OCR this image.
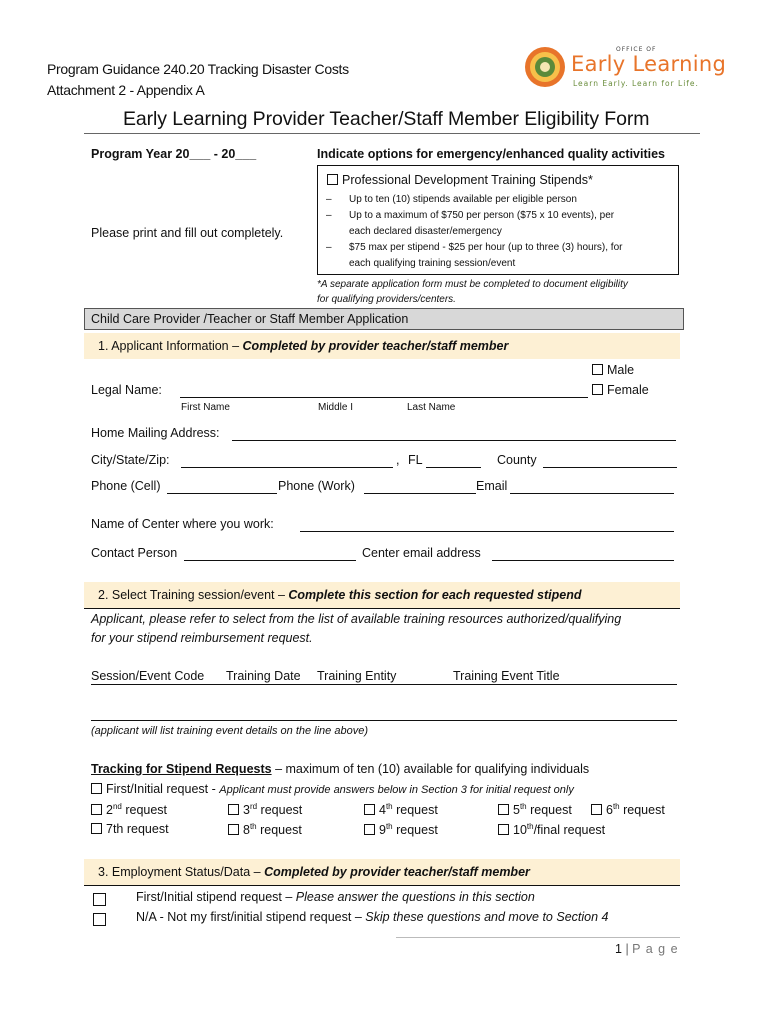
Program Guidance 240.20 Tracking Disaster Costs
Attachment 2 - Appendix A
OFFICE OF
Early Learning
Learn Early. Learn for Life.
Early Learning Provider Teacher/Staff Member Eligibility Form
Program Year 20___ - 20___
Please print and fill out completely.
Indicate options for emergency/enhanced quality activities
Professional Development Training Stipends*
– Up to ten (10) stipends available per eligible person
– Up to a maximum of $750 per person ($75 x 10 events), per
each declared disaster/emergency
– $75 max per stipend - $25 per hour (up to three (3) hours), for
each qualifying training session/event
*A separate application form must be completed to document eligibility
for qualifying providers/centers.
Child Care Provider /Teacher or Staff Member Application
1. Applicant Information – Completed by provider teacher/staff member
Male
Female
Legal Name:
First Name	Middle I	Last Name
Home Mailing Address:
City/State/Zip:	, FL	County
Phone (Cell)	Phone (Work)	Email
Name of Center where you work:
Contact Person	Center email address
2. Select Training session/event – Complete this section for each requested stipend
Applicant, please refer to select from the list of available training resources authorized/qualifying
for your stipend reimbursement request.
Session/Event Code Training Date Training Entity	Training Event Title
(applicant will list training event details on the line above)
Tracking for Stipend Requests – maximum of ten (10) available for qualifying individuals
First/Initial request - Applicant must provide answers below in Section 3 for initial request only
2nd request	3rd request	4th request	5th request	6th request
7th request	8th request	9th request	10th/final request
3. Employment Status/Data – Completed by provider teacher/staff member
First/Initial stipend request – Please answer the questions in this section
N/A - Not my first/initial stipend request – Skip these questions and move to Section 4
1 | P a g e
